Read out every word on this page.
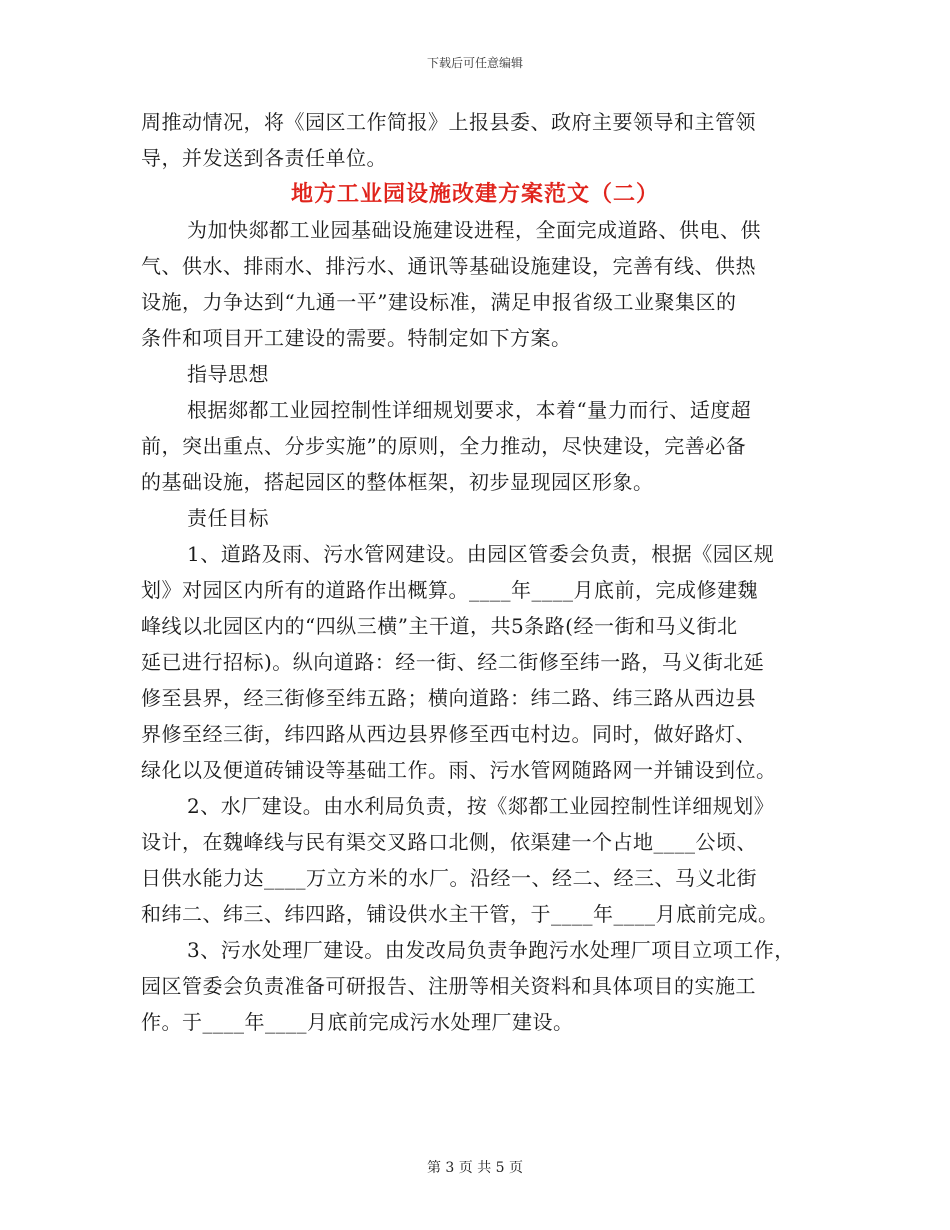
下载后可任意编辑
周推动情况，将《园区工作简报》上报县委、政府主要领导和主管领
导，并发送到各责任单位。
地方工业园设施改建方案范文（二）
为加快郯都工业园基础设施建设进程，全面完成道路、供电、供
气、供水、排雨水、排污水、通讯等基础设施建设，完善有线、供热
设施，力争达到“九通一平”建设标准，满足申报省级工业聚集区的
条件和项目开工建设的需要。特制定如下方案。
指导思想
根据郯都工业园控制性详细规划要求，本着“量力而行、适度超
前，突出重点、分步实施”的原则，全力推动，尽快建设，完善必备
的基础设施，搭起园区的整体框架，初步显现园区形象。
责任目标
1、道路及雨、污水管网建设。由园区管委会负责，根据《园区规
划》对园区内所有的道路作出概算。____年____月底前，完成修建魏
峰线以北园区内的“四纵三横”主干道，共5条路(经一街和马义街北
延已进行招标)。纵向道路：经一街、经二街修至纬一路，马义街北延
修至县界，经三街修至纬五路；横向道路：纬二路、纬三路从西边县
界修至经三街，纬四路从西边县界修至西屯村边。同时，做好路灯、
绿化以及便道砖铺设等基础工作。雨、污水管网随路网一并铺设到位。
2、水厂建设。由水利局负责，按《郯都工业园控制性详细规划》
设计，在魏峰线与民有渠交叉路口北侧，依渠建一个占地____公顷、
日供水能力达____万立方米的水厂。沿经一、经二、经三、马义北街
和纬二、纬三、纬四路，铺设供水主干管，于____年____月底前完成。
3、污水处理厂建设。由发改局负责争跑污水处理厂项目立项工作，
园区管委会负责准备可研报告、注册等相关资料和具体项目的实施工
作。于____年____月底前完成污水处理厂建设。
第 3 页 共 5 页
